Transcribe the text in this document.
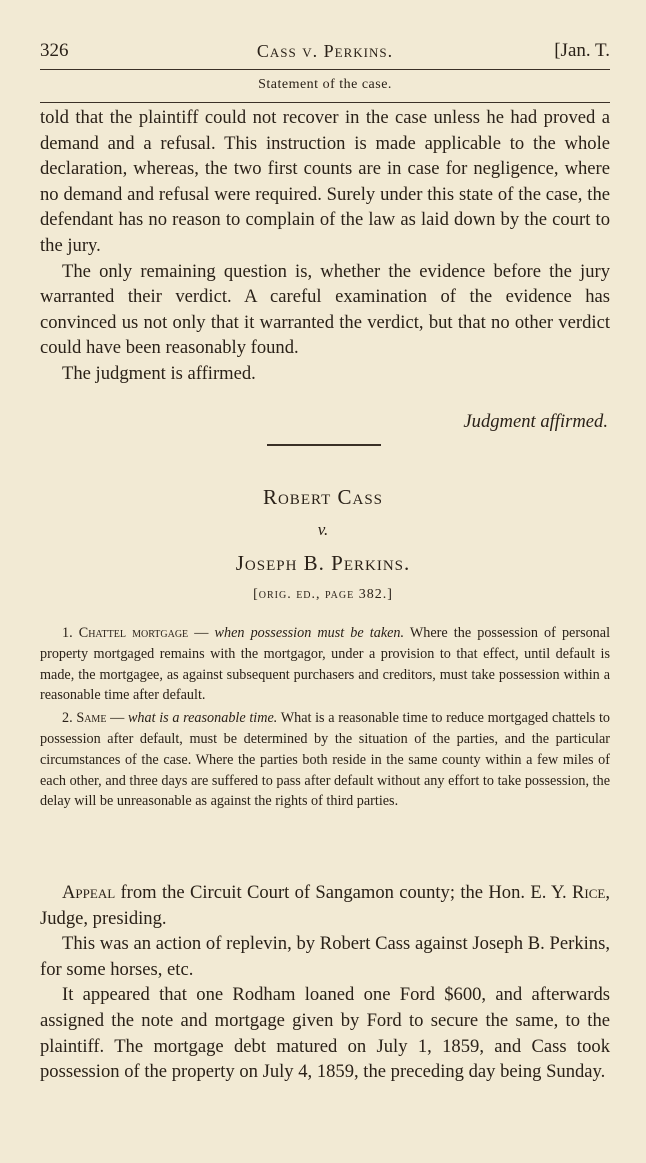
326	Cass v. Perkins.	[Jan. T.
Statement of the case.

told that the plaintiff could not recover in the case unless he had proved a demand and a refusal. This instruction is made applicable to the whole declaration, whereas, the two first counts are in case for negligence, where no demand and refusal were required. Surely under this state of the case, the defendant has no reason to complain of the law as laid down by the court to the jury.

The only remaining question is, whether the evidence before the jury warranted their verdict. A careful examination of the evidence has convinced us not only that it warranted the verdict, but that no other verdict could have been reasonably found.

The judgment is affirmed.

Judgment affirmed.
Robert Cass
v.
Joseph B. Perkins.
[orig. ed., page 382.]

1. Chattel mortgage — when possession must be taken. Where the possession of personal property mortgaged remains with the mortgagor, under a provision to that effect, until default is made, the mortgagee, as against subsequent purchasers and creditors, must take possession within a reasonable time after default.

2. Same — what is a reasonable time. What is a reasonable time to reduce mortgaged chattels to possession after default, must be determined by the situation of the parties, and the particular circumstances of the case. Where the parties both reside in the same county within a few miles of each other, and three days are suffered to pass after default without any effort to take possession, the delay will be unreasonable as against the rights of third parties.

Appeal from the Circuit Court of Sangamon county; the Hon. E. Y. Rice, Judge, presiding.

This was an action of replevin, by Robert Cass against Joseph B. Perkins, for some horses, etc.

It appeared that one Rodham loaned one Ford $600, and afterwards assigned the note and mortgage given by Ford to secure the same, to the plaintiff. The mortgage debt matured on July 1, 1859, and Cass took possession of the property on July 4, 1859, the preceding day being Sunday.
